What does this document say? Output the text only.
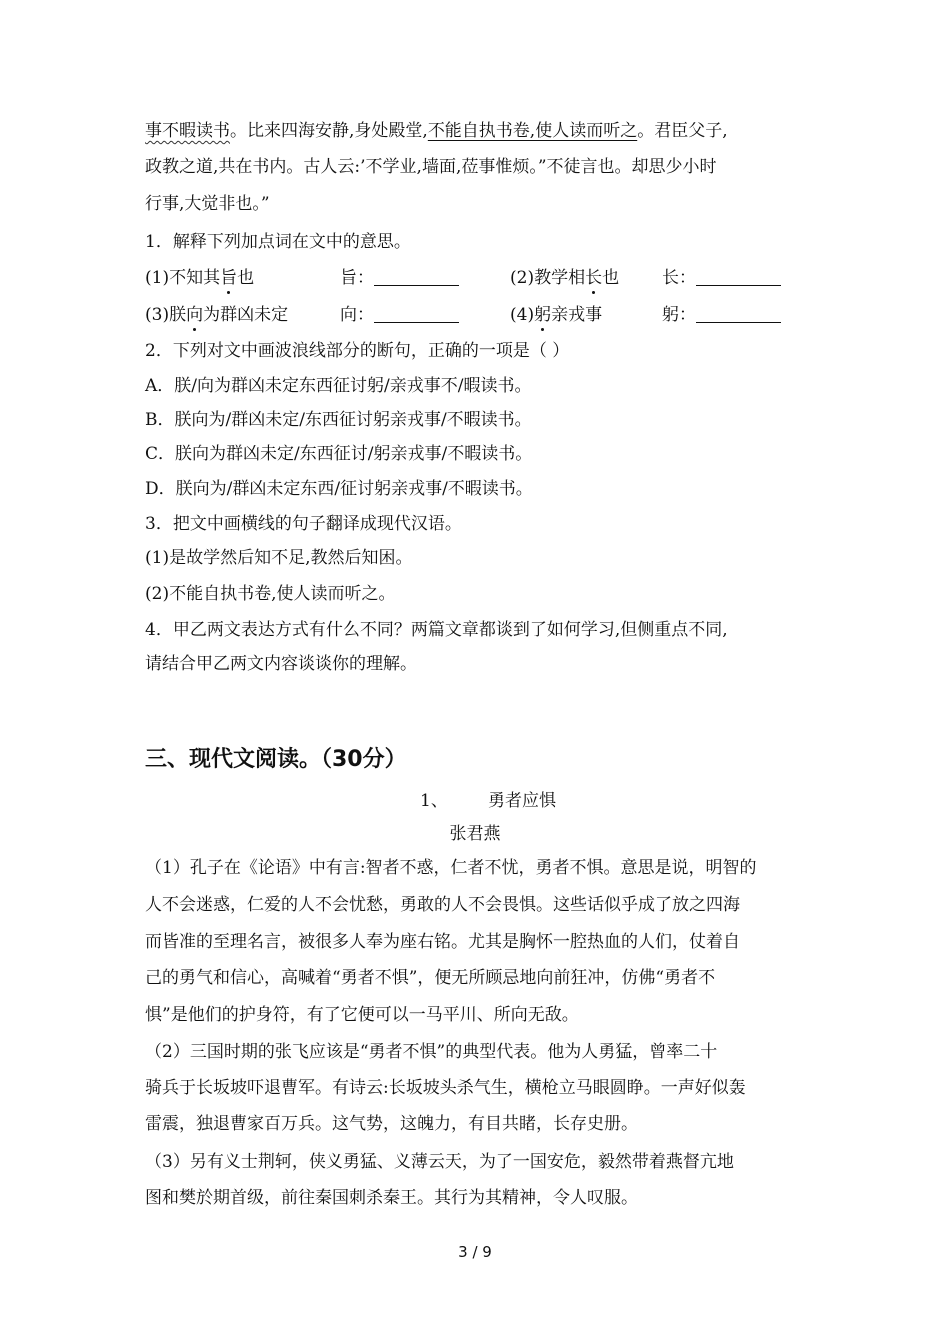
事不暇读书。比来四海安静,身处殿堂,不能自执书卷,使人读而听之。君臣父子,
政教之道,共在书内。古人云:’不学业,墙面,莅事惟烦。”不徒言也。却思少小时
行事,大觉非也。”
1．解释下列加点词在文中的意思。
(1)不知其旨也	旨：	(2)教学相长也	长：
(3)朕向为群凶未定	向：	(4)躬亲戎事	躬：
2．下列对文中画波浪线部分的断句，正确的一项是（ ）
A．朕/向为群凶未定东西征讨躬/亲戎事不/暇读书。
B．朕向为/群凶未定/东西征讨躬亲戎事/不暇读书。
C．朕向为群凶未定/东西征讨/躬亲戎事/不暇读书。
D．朕向为/群凶未定东西/征讨躬亲戎事/不暇读书。
3．把文中画横线的句子翻译成现代汉语。
(1)是故学然后知不足,教然后知困。
(2)不能自执书卷,使人读而听之。
4．甲乙两文表达方式有什么不同？两篇文章都谈到了如何学习,但侧重点不同,
请结合甲乙两文内容谈谈你的理解。
三、现代文阅读。（30分）
1、 勇者应惧
张君燕
（1）孔子在《论语》中有言:智者不惑，仁者不忧，勇者不惧。意思是说，明智的
人不会迷惑，仁爱的人不会忧愁，勇敢的人不会畏惧。这些话似乎成了放之四海
而皆准的至理名言，被很多人奉为座右铭。尤其是胸怀一腔热血的人们，仗着自
己的勇气和信心，高喊着“勇者不惧”，便无所顾忌地向前狂冲，仿佛“勇者不
惧”是他们的护身符，有了它便可以一马平川、所向无敌。
（2）三国时期的张飞应该是“勇者不惧”的典型代表。他为人勇猛，曾率二十
骑兵于长坂坡吓退曹军。有诗云:长坂坡头杀气生，横枪立马眼圆睁。一声好似轰
雷震，独退曹家百万兵。这气势，这魄力，有目共睹，长存史册。
（3）另有义士荆轲，侠义勇猛、义薄云天，为了一国安危，毅然带着燕督亢地
图和樊於期首级，前往秦国刺杀秦王。其行为其精神，令人叹服。
3 / 9
